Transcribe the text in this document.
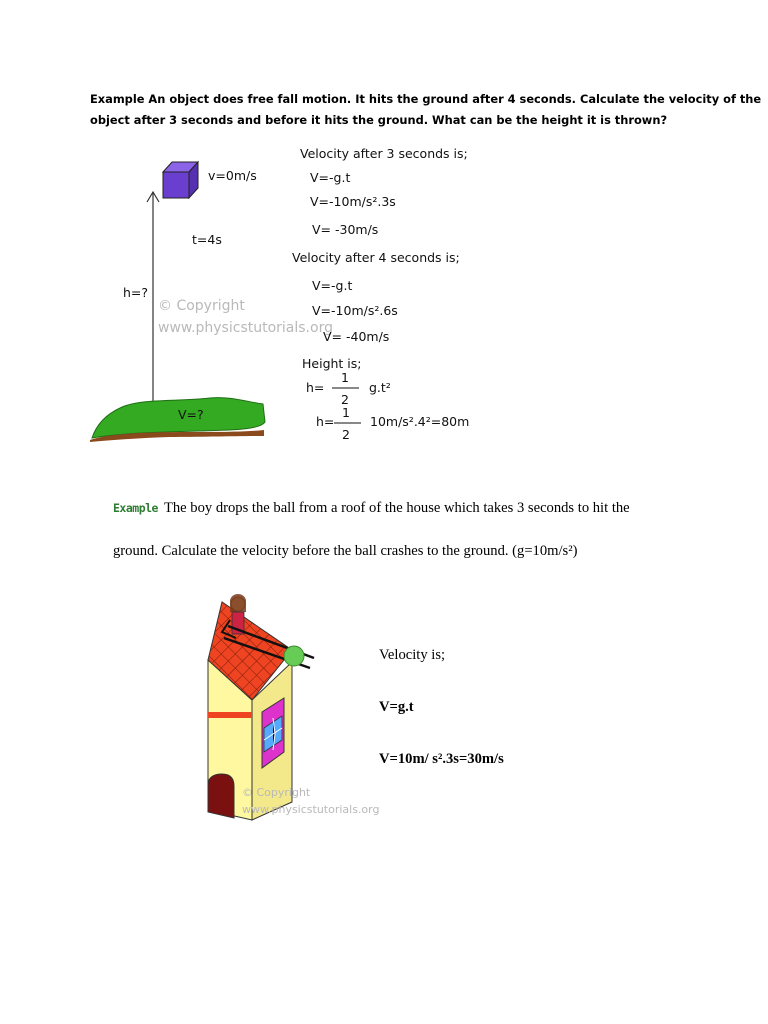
Example An object does free fall motion. It hits the ground after 4 seconds. Calculate the velocity of the
object after 3 seconds and before it hits the ground. What can be the height it is thrown?
v=0m/s
t=4s
h=?
© Copyright
www.physicstutorials.org
V=?
Velocity after 3 seconds is;
V=-g.t
V=-10m/s².3s
V= -30m/s
Velocity after 4 seconds is;
V=-g.t
V=-10m/s².6s
V= -40m/s
Height is;
h=
1
2
g.t²
h=
1
2
10m/s².4²=80m
Example The boy drops the ball from a roof of the house which takes 3 seconds to hit the
ground. Calculate the velocity before the ball crashes to the ground. (g=10m/s²)
© Copyright
www.physicstutorials.org
Velocity is;
V=g.t
V=10m/ s².3s=30m/s
